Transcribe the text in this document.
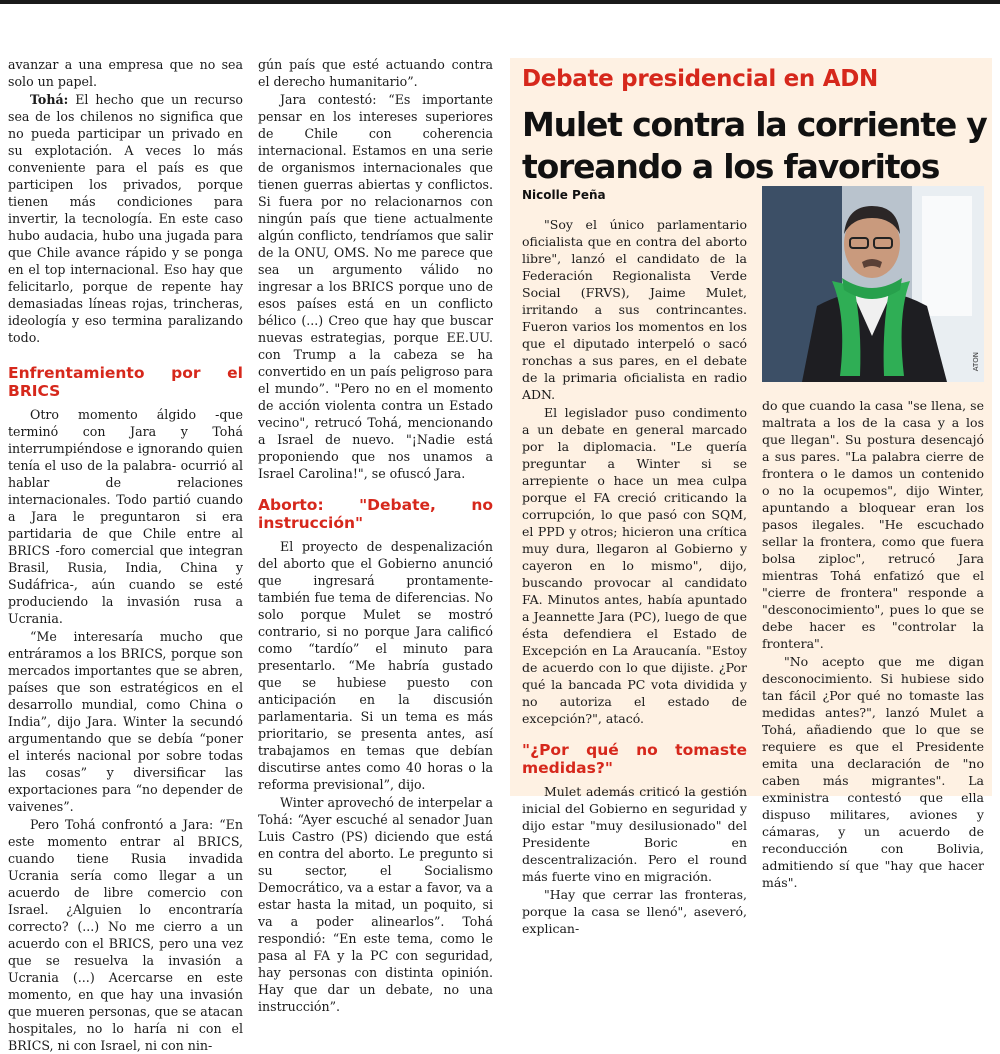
avanzar a una empresa que no sea solo un papel.

Tohá: El hecho que un recurso sea de los chilenos no significa que no pueda participar un privado en su explotación. A veces lo más conveniente para el país es que participen los privados, porque tienen más condiciones para invertir, la tecnología. En este caso hubo audacia, hubo una jugada para que Chile avance rápido y se ponga en el top internacional. Eso hay que felicitarlo, porque de repente hay demasiadas líneas rojas, trincheras, ideología y eso termina paralizando todo.

Enfrentamiento por el BRICS

Otro momento álgido -que terminó con Jara y Tohá interrumpiéndose e ignorando quien tenía el uso de la palabra- ocurrió al hablar de relaciones internacionales. Todo partió cuando a Jara le preguntaron si era partidaria de que Chile entre al BRICS -foro comercial que integran Brasil, Rusia, India, China y Sudáfrica-, aún cuando se esté produciendo la invasión rusa a Ucrania.

“Me interesaría mucho que entráramos a los BRICS, porque son mercados importantes que se abren, países que son estratégicos en el desarrollo mundial, como China o India”, dijo Jara. Winter la secundó argumentando que se debía “poner el interés nacional por sobre todas las cosas” y diversificar las exportaciones para “no depender de vaivenes”.

Pero Tohá confrontó a Jara: “En este momento entrar al BRICS, cuando tiene Rusia invadida Ucrania sería como llegar a un acuerdo de libre comercio con Israel. ¿Alguien lo encontraría correcto? (...) No me cierro a un acuerdo con el BRICS, pero una vez que se resuelva la invasión a Ucrania (...) Acercarse en este momento, en que hay una invasión que mueren personas, que se atacan hospitales, no lo haría ni con el BRICS, ni con Israel, ni con nin-

gún país que esté actuando contra el derecho humanitario”.

Jara contestó: “Es importante pensar en los intereses superiores de Chile con coherencia internacional. Estamos en una serie de organismos internacionales que tienen guerras abiertas y conflictos. Si fuera por no relacionarnos con ningún país que tiene actualmente algún conflicto, tendríamos que salir de la ONU, OMS. No me parece que sea un argumento válido no ingresar a los BRICS porque uno de esos países está en un conflicto bélico (...) Creo que hay que buscar nuevas estrategias, porque EE.UU. con Trump a la cabeza se ha convertido en un país peligroso para el mundo”. "Pero no en el momento de acción violenta contra un Estado vecino", retrucó Tohá, mencionando a Israel de nuevo. "¡Nadie está proponiendo que nos unamos a Israel Carolina!", se ofuscó Jara.

Aborto: "Debate, no instrucción"

El proyecto de despenalización del aborto que el Gobierno anunció que ingresará prontamente- también fue tema de diferencias. No solo porque Mulet se mostró contrario, si no porque Jara calificó como “tardío” el minuto para presentarlo. “Me habría gustado que se hubiese puesto con anticipación en la discusión parlamentaria. Si un tema es más prioritario, se presenta antes, así trabajamos en temas que debían discutirse antes como 40 horas o la reforma previsional”, dijo.

Winter aprovechó de interpelar a Tohá: “Ayer escuché al senador Juan Luis Castro (PS) diciendo que está en contra del aborto. Le pregunto si su sector, el Socialismo Democrático, va a estar a favor, va a estar hasta la mitad, un poquito, si va a poder alinearlos”. Tohá respondió: “En este tema, como le pasa al FA y la PC con seguridad, hay personas con distinta opinión. Hay que dar un debate, no una instrucción”.

Debate presidencial en ADN
Mulet contra la corriente y toreando a los favoritos
Nicolle Peña
ATON

"Soy el único parlamentario oficialista que en contra del aborto libre", lanzó el candidato de la Federación Regionalista Verde Social (FRVS), Jaime Mulet, irritando a sus contrincantes. Fueron varios los momentos en los que el diputado interpeló o sacó ronchas a sus pares, en el debate de la primaria oficialista en radio ADN.

El legislador puso condimento a un debate en general marcado por la diplomacia. "Le quería preguntar a Winter si se arrepiente o hace un mea culpa porque el FA creció criticando la corrupción, lo que pasó con SQM, el PPD y otros; hicieron una crítica muy dura, llegaron al Gobierno y cayeron en lo mismo", dijo, buscando provocar al candidato FA. Minutos antes, había apuntado a Jeannette Jara (PC), luego de que ésta defendiera el Estado de Excepción en La Araucanía. "Estoy de acuerdo con lo que dijiste. ¿Por qué la bancada PC vota dividida y no autoriza el estado de excepción?", atacó.

"¿Por qué no tomaste medidas?"

Mulet además criticó la gestión inicial del Gobierno en seguridad y dijo estar "muy desilusionado" del Presidente Boric en descentralización. Pero el round más fuerte vino en migración.

"Hay que cerrar las fronteras, porque la casa se llenó", aseveró, explican-

do que cuando la casa "se llena, se maltrata a los de la casa y a los que llegan". Su postura desencajó a sus pares. "La palabra cierre de frontera o le damos un contenido o no la ocupemos", dijo Winter, apuntando a bloquear eran los pasos ilegales. "He escuchado sellar la frontera, como que fuera bolsa ziploc", retrucó Jara mientras Tohá enfatizó que el "cierre de frontera" responde a "desconocimiento", pues lo que se debe hacer es "controlar la frontera".

"No acepto que me digan desconocimiento. Si hubiese sido tan fácil ¿Por qué no tomaste las medidas antes?", lanzó Mulet a Tohá, añadiendo que lo que se requiere es que el Presidente emita una declaración de "no caben más migrantes". La exministra contestó que ella dispuso militares, aviones y cámaras, y un acuerdo de reconducción con Bolivia, admitiendo sí que "hay que hacer más".
